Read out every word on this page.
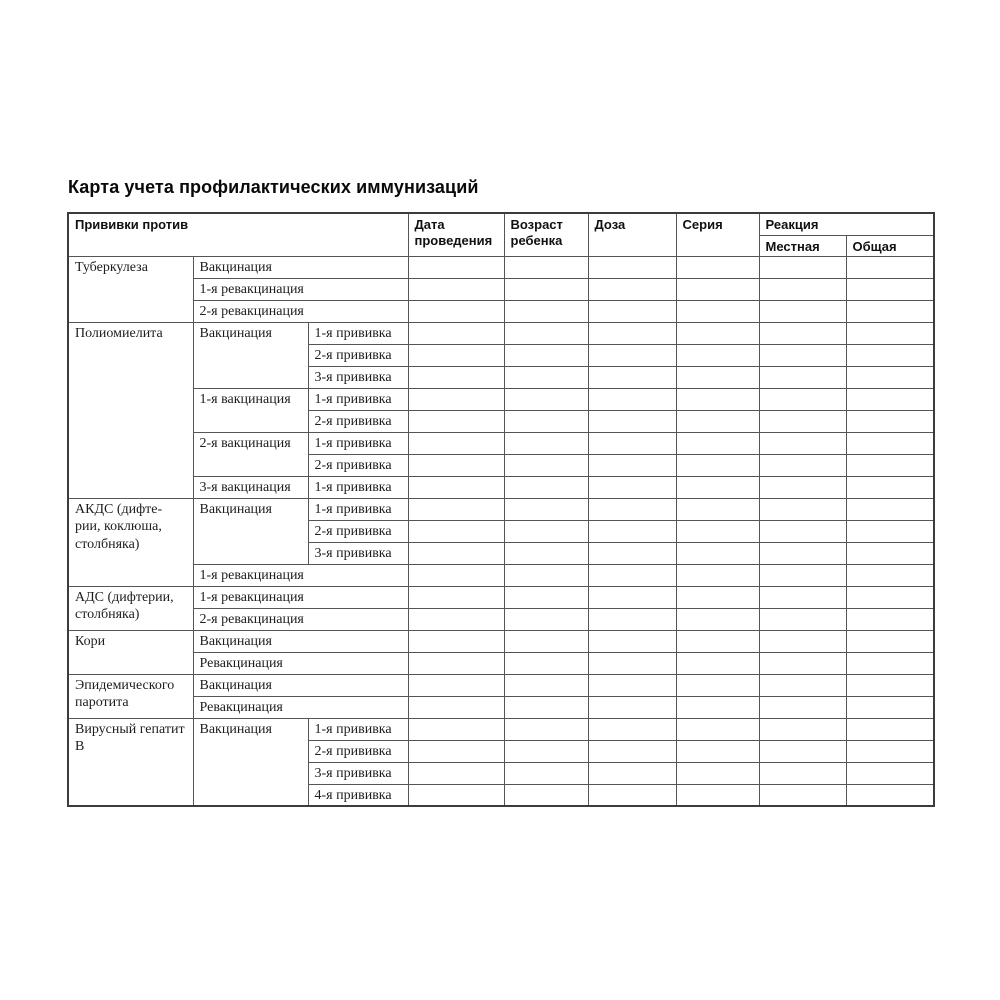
Карта учета профилактических иммунизаций
Прививки против			Дата проведения	Возраст ребенка	Доза	Серия	Реакция	
							Местная	Общая
Туберкулеза	Вакцинация							
	1-я ревакцинация							
	2-я ревакцинация							
Полиомиелита	Вакцинация	1-я прививка						
		2-я прививка						
		3-я прививка						
	1-я вакцинация	1-я прививка						
		2-я прививка						
	2-я вакцинация	1-я прививка						
		2-я прививка						
	3-я вакцинация	1-я прививка						
АКДС (дифте-рии, коклюша, столбняка)	Вакцинация	1-я прививка						
		2-я прививка						
		3-я прививка						
	1-я ревакцинация							
АДС (дифтерии, столбняка)	1-я ревакцинация							
	2-я ревакцинация							
Кори	Вакцинация							
	Ревакцинация							
Эпидемического паротита	Вакцинация							
	Ревакцинация							
Вирусный гепатит В	Вакцинация	1-я прививка						
		2-я прививка						
		3-я прививка						
		4-я прививка						
